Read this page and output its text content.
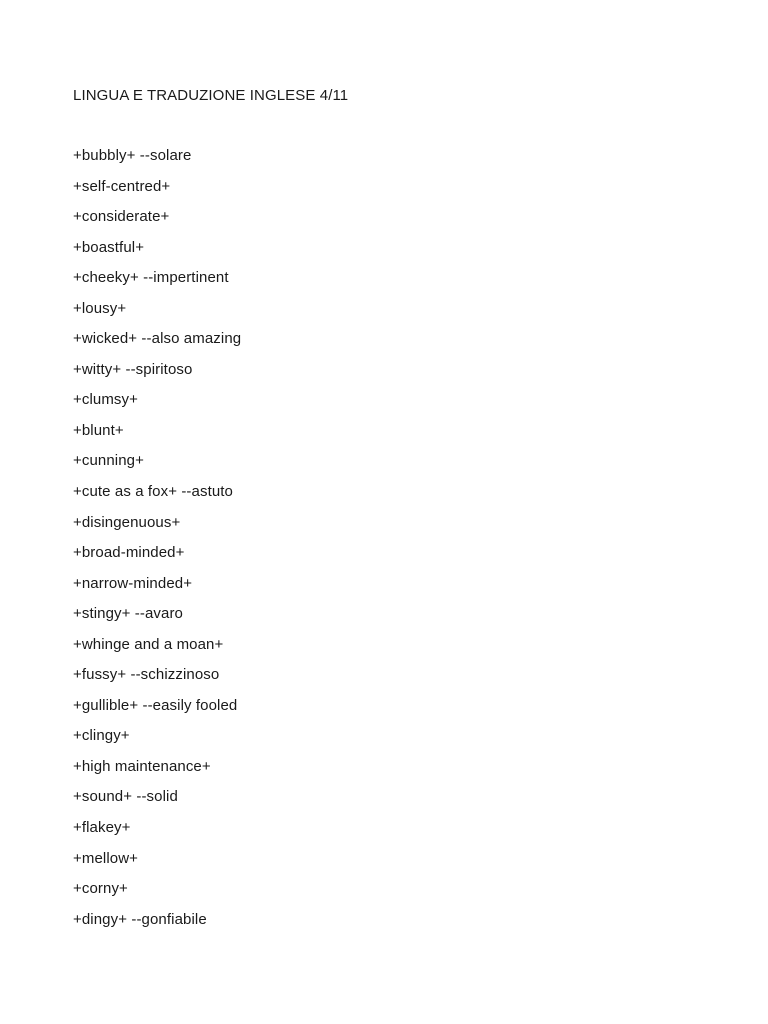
LINGUA E TRADUZIONE INGLESE 4/11
+bubbly+ --solare
+self-centred+
+considerate+
+boastful+
+cheeky+ --impertinent
+lousy+
+wicked+ --also amazing
+witty+ --spiritoso
+clumsy+
+blunt+
+cunning+
+cute as a fox+ --astuto
+disingenuous+
+broad-minded+
+narrow-minded+
+stingy+ --avaro
+whinge and a moan+
+fussy+ --schizzinoso
+gullible+ --easily fooled
+clingy+
+high maintenance+
+sound+ --solid
+flakey+
+mellow+
+corny+
+dingy+ --gonfiabile
